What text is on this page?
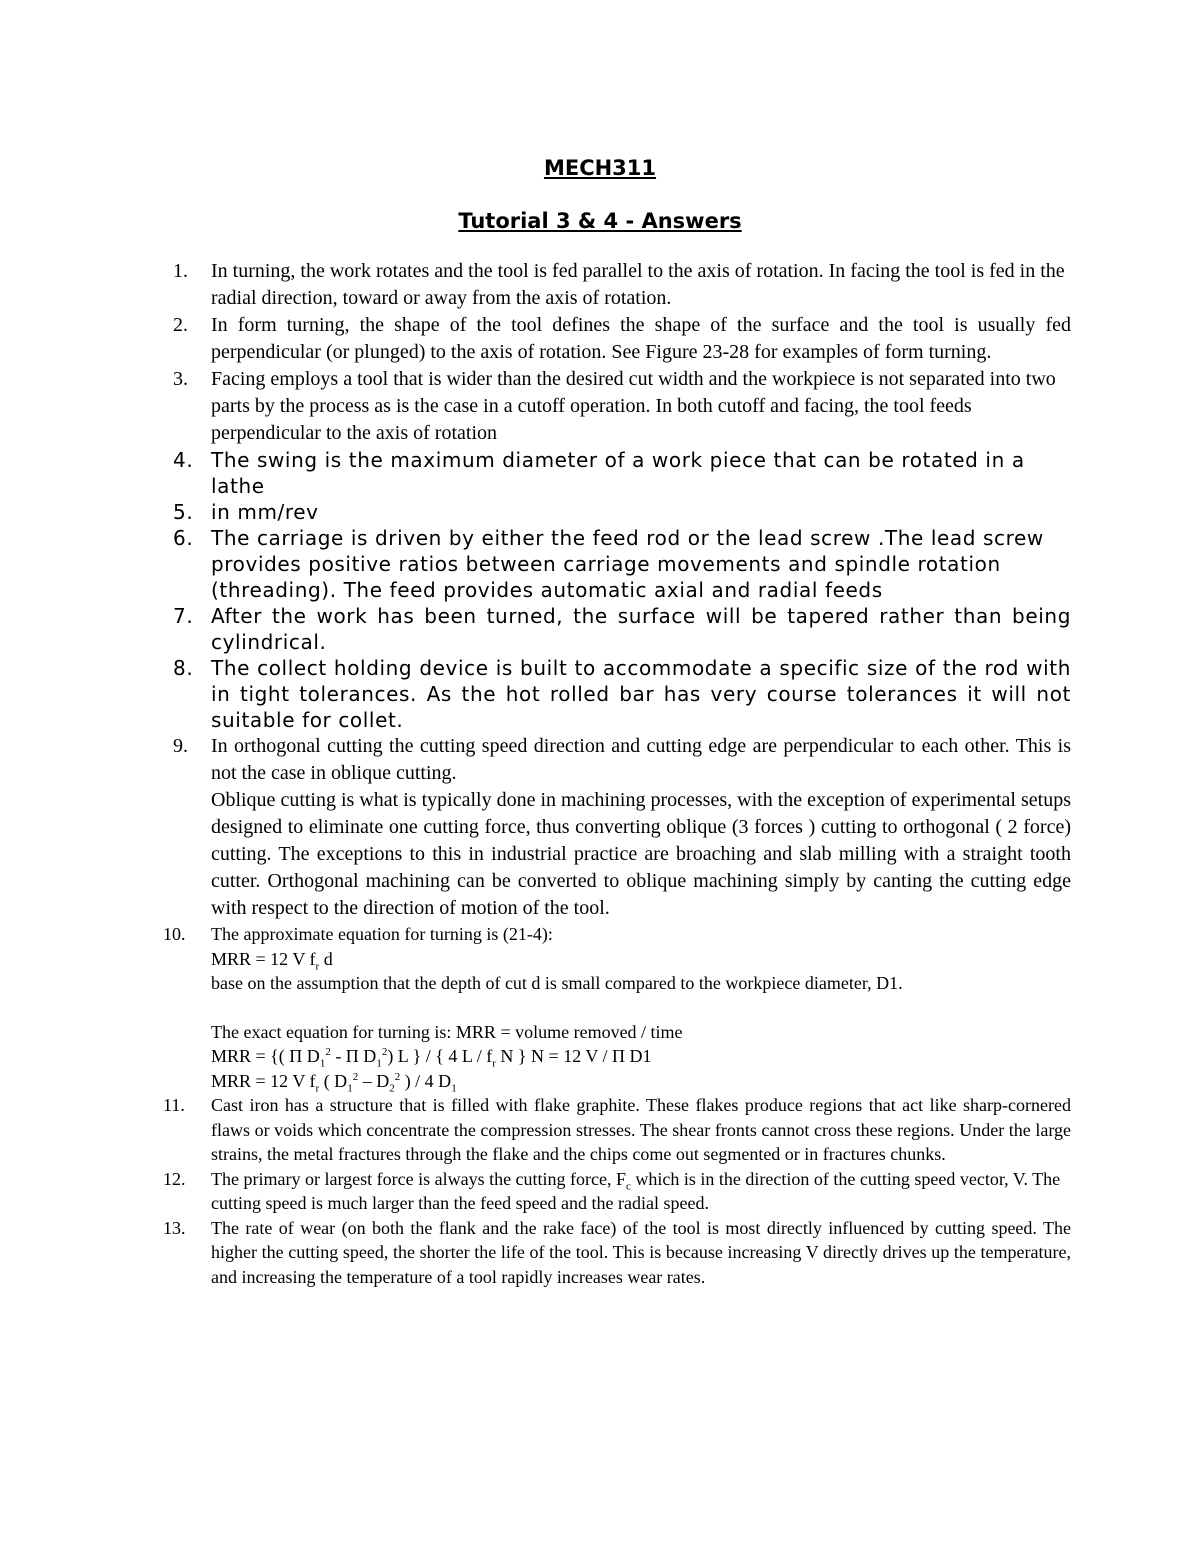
MECH311
Tutorial 3 & 4 - Answers
1. In turning, the work rotates and the tool is fed parallel to the axis of rotation. In facing the tool is fed in the radial direction, toward or away from the axis of rotation.
2. In form turning, the shape of the tool defines the shape of the surface and the tool is usually fed perpendicular (or plunged) to the axis of rotation. See Figure 23-28 for examples of form turning.
3. Facing employs a tool that is wider than the desired cut width and the workpiece is not separated into two parts by the process as is the case in a cutoff operation. In both cutoff and facing, the tool feeds perpendicular to the axis of rotation
4. The swing is the maximum diameter of a work piece that can be rotated in a lathe
5. in mm/rev
6. The carriage is driven by either the feed rod or the lead screw .The lead screw provides positive ratios between carriage movements and spindle rotation (threading). The feed provides automatic axial and radial feeds
7. After the work has been turned, the surface will be tapered rather than being cylindrical.
8. The collect holding device is built to accommodate a specific size of the rod with in tight tolerances. As the hot rolled bar has very course tolerances it will not suitable for collet.
9. In orthogonal cutting the cutting speed direction and cutting edge are perpendicular to each other. This is not the case in oblique cutting.
Oblique cutting is what is typically done in machining processes, with the exception of experimental setups designed to eliminate one cutting force, thus converting oblique (3 forces ) cutting to orthogonal ( 2 force) cutting. The exceptions to this in industrial practice are broaching and slab milling with a straight tooth cutter. Orthogonal machining can be converted to oblique machining simply by canting the cutting edge with respect to the direction of motion of the tool.
10. The approximate equation for turning is (21-4):
MRR = 12 V $f_r$ d
base on the assumption that the depth of cut d is small compared to the workpiece diameter, D1.
The exact equation for turning is: MRR = volume removed / time
MRR = {( Π $D_1^2$ - Π $D_1^2$) L } / { 4 L / $f_r$ N } N = 12 V / Π D1
MRR = 12 V $f_r$ ( $D_1^2 - D_2^2$ ) / 4 $D_1$
11. Cast iron has a structure that is filled with flake graphite. These flakes produce regions that act like sharp-cornered flaws or voids which concentrate the compression stresses. The shear fronts cannot cross these regions. Under the large strains, the metal fractures through the flake and the chips come out segmented or in fractures chunks.
12. The primary or largest force is always the cutting force, $F_c$ which is in the direction of the cutting speed vector, V. The cutting speed is much larger than the feed speed and the radial speed.
13. The rate of wear (on both the flank and the rake face) of the tool is most directly influenced by cutting speed. The higher the cutting speed, the shorter the life of the tool. This is because increasing V directly drives up the temperature, and increasing the temperature of a tool rapidly increases wear rates.
